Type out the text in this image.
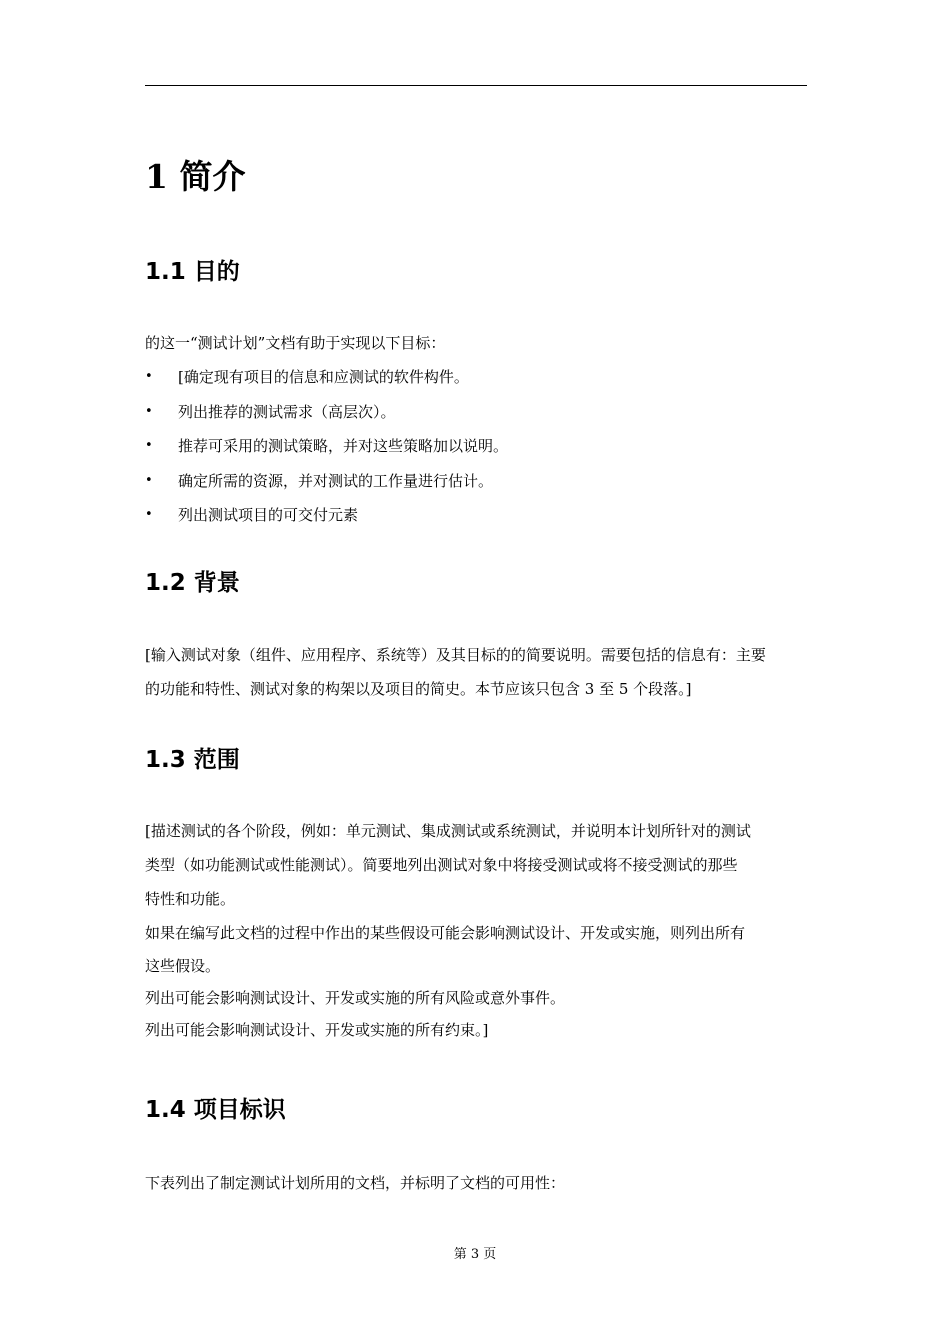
1 简介
1.1 目的

的这一“测试计划”文档有助于实现以下目标：

• [确定现有项目的信息和应测试的软件构件。
• 列出推荐的测试需求（高层次）。
• 推荐可采用的测试策略，并对这些策略加以说明。
• 确定所需的资源，并对测试的工作量进行估计。
• 列出测试项目的可交付元素
1.2 背景
[输入测试对象（组件、应用程序、系统等）及其目标的的简要说明。需要包括的信息有：主要
的功能和特性、测试对象的构架以及项目的简史。本节应该只包含 3 至 5 个段落。]
1.3 范围
[描述测试的各个阶段，例如：单元测试、集成测试或系统测试，并说明本计划所针对的测试
类型（如功能测试或性能测试）。简要地列出测试对象中将接受测试或将不接受测试的那些
特性和功能。
如果在编写此文档的过程中作出的某些假设可能会影响测试设计、开发或实施，则列出所有
这些假设。
列出可能会影响测试设计、开发或实施的所有风险或意外事件。
列出可能会影响测试设计、开发或实施的所有约束。]
1.4 项目标识

下表列出了制定测试计划所用的文档，并标明了文档的可用性：

第 3 页
